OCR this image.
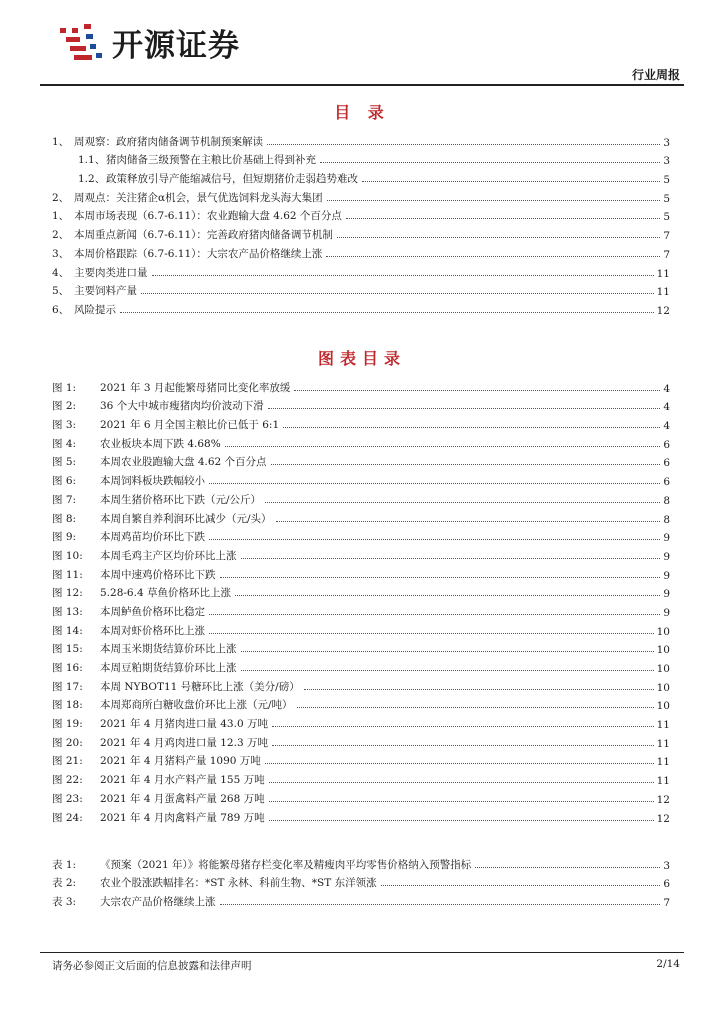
开源证券
行业周报
目 录
1、 周观察：政府猪肉储备调节机制预案解读	3
1.1、 猪肉储备三级预警在主粮比价基础上得到补充	3
1.2、 政策释放引导产能缩减信号，但短期猪价走弱趋势难改	5
2、 周观点：关注猪企α机会，景气优选饲料龙头海大集团	5
1、 本周市场表现（6.7-6.11）：农业跑输大盘 4.62 个百分点	5
2、 本周重点新闻（6.7-6.11）：完善政府猪肉储备调节机制	7
3、 本周价格跟踪（6.7-6.11）：大宗农产品价格继续上涨	7
4、 主要肉类进口量	11
5、 主要饲料产量	11
6、 风险提示	12
图表目录
图 1:	2021 年 3 月起能繁母猪同比变化率放缓	4
图 2:	36 个大中城市瘦猪肉均价波动下滑	4
图 3:	2021 年 6 月全国主粮比价已低于 6:1	4
图 4:	农业板块本周下跌 4.68%	6
图 5:	本周农业股跑输大盘 4.62 个百分点	6
图 6:	本周饲料板块跌幅较小	6
图 7:	本周生猪价格环比下跌（元/公斤）	8
图 8:	本周自繁自养利润环比减少（元/头）	8
图 9:	本周鸡苗均价环比下跌	9
图 10:	本周毛鸡主产区均价环比上涨	9
图 11:	本周中速鸡价格环比下跌	9
图 12:	5.28-6.4 草鱼价格环比上涨	9
图 13:	本周鲈鱼价格环比稳定	9
图 14:	本周对虾价格环比上涨	10
图 15:	本周玉米期货结算价环比上涨	10
图 16:	本周豆粕期货结算价环比上涨	10
图 17:	本周 NYBOT11 号糖环比上涨（美分/磅）	10
图 18:	本周郑商所白糖收盘价环比上涨（元/吨）	10
图 19:	2021 年 4 月猪肉进口量 43.0 万吨	11
图 20:	2021 年 4 月鸡肉进口量 12.3 万吨	11
图 21:	2021 年 4 月猪料产量 1090 万吨	11
图 22:	2021 年 4 月水产料产量 155 万吨	11
图 23:	2021 年 4 月蛋禽料产量 268 万吨	12
图 24:	2021 年 4 月肉禽料产量 789 万吨	12
表 1:	《预案（2021 年）》将能繁母猪存栏变化率及精瘦肉平均零售价格纳入预警指标	3
表 2:	农业个股涨跌幅排名：*ST 永林、科前生物、*ST 东洋领涨	6
表 3:	大宗农产品价格继续上涨	7
请务必参阅正文后面的信息披露和法律声明	2/14
